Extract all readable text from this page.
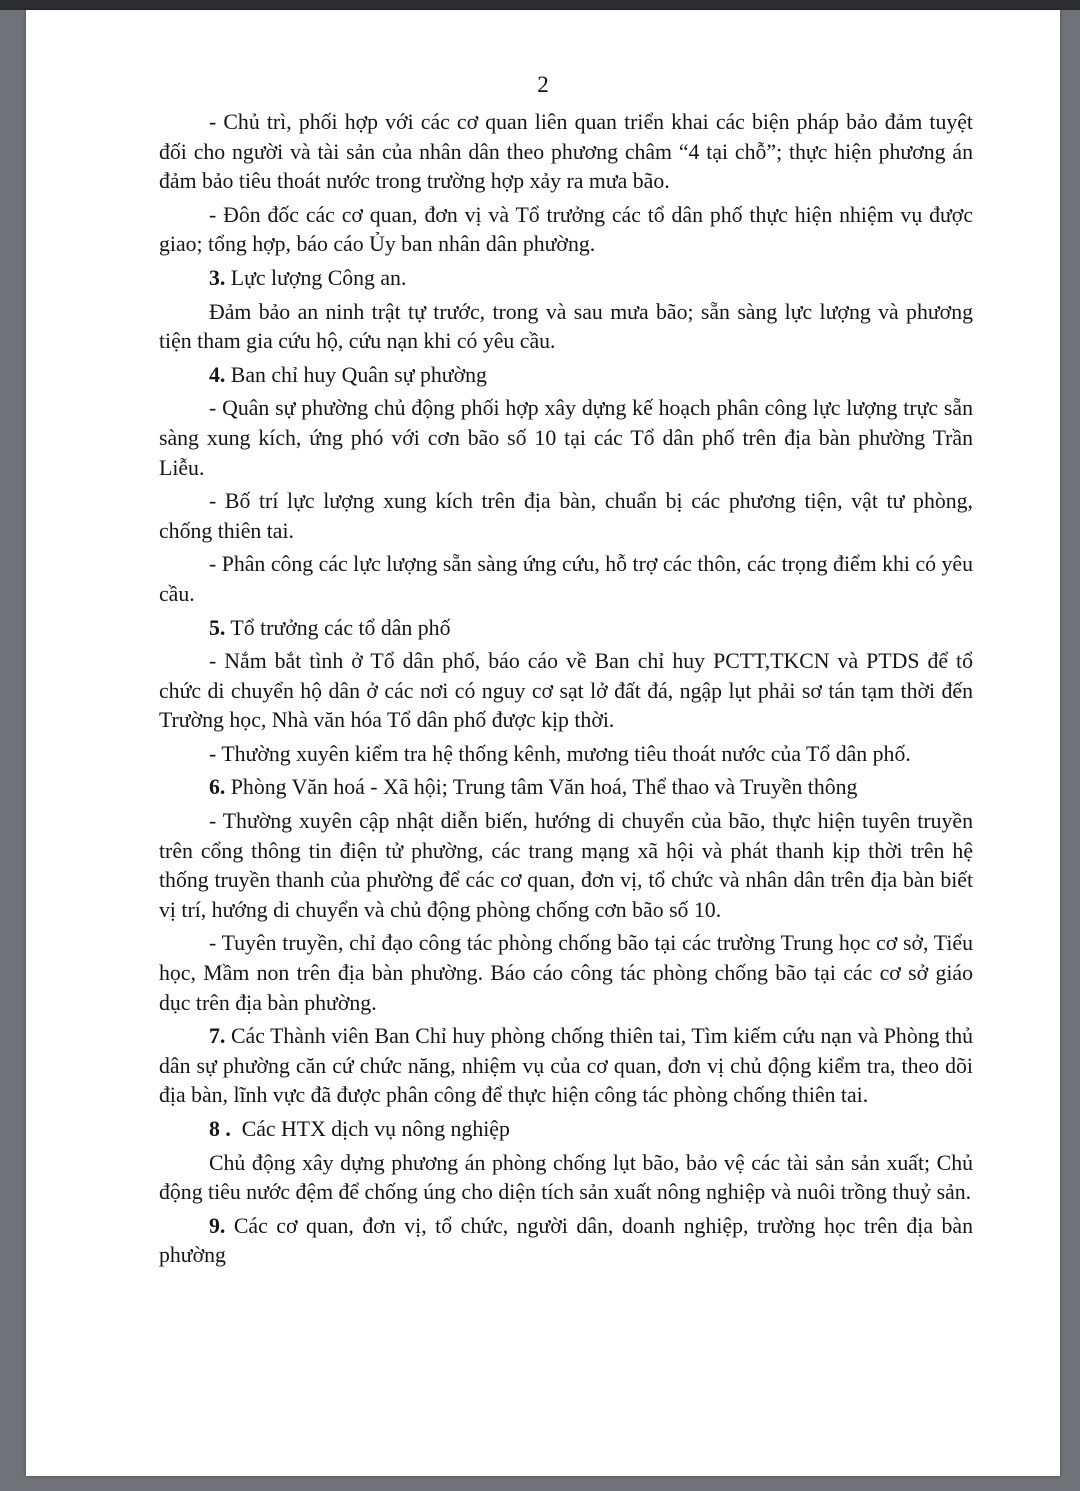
2
- Chủ trì, phối hợp với các cơ quan liên quan triển khai các biện pháp bảo đảm tuyệt đối cho người và tài sản của nhân dân theo phương châm “4 tại chỗ”; thực hiện phương án đảm bảo tiêu thoát nước trong trường hợp xảy ra mưa bão.
- Đôn đốc các cơ quan, đơn vị và Tổ trưởng các tổ dân phố thực hiện nhiệm vụ được giao; tổng hợp, báo cáo Ủy ban nhân dân phường.
3. Lực lượng Công an.
Đảm bảo an ninh trật tự trước, trong và sau mưa bão; sẵn sàng lực lượng và phương tiện tham gia cứu hộ, cứu nạn khi có yêu cầu.
4. Ban chỉ huy Quân sự phường
- Quân sự phường chủ động phối hợp xây dựng kế hoạch phân công lực lượng trực sẵn sàng xung kích, ứng phó với cơn bão số 10 tại các Tổ dân phố trên địa bàn phường Trần Liễu.
- Bố trí lực lượng xung kích trên địa bàn, chuẩn bị các phương tiện, vật tư phòng, chống thiên tai.
- Phân công các lực lượng sẵn sàng ứng cứu, hỗ trợ các thôn, các trọng điểm khi có yêu cầu.
5. Tổ trưởng các tổ dân phố
- Nắm bắt tình ở Tổ dân phố, báo cáo về Ban chỉ huy PCTT,TKCN và PTDS để tổ chức di chuyển hộ dân ở các nơi có nguy cơ sạt lở đất đá, ngập lụt phải sơ tán tạm thời đến Trường học, Nhà văn hóa Tổ dân phố được kịp thời.
- Thường xuyên kiểm tra hệ thống kênh, mương tiêu thoát nước của Tổ dân phố.
6. Phòng Văn hoá - Xã hội; Trung tâm Văn hoá, Thể thao và Truyền thông
- Thường xuyên cập nhật diễn biến, hướng di chuyển của bão, thực hiện tuyên truyền trên cổng thông tin điện tử phường, các trang mạng xã hội và phát thanh kịp thời trên hệ thống truyền thanh của phường để các cơ quan, đơn vị, tổ chức và nhân dân trên địa bàn biết vị trí, hướng di chuyển và chủ động phòng chống cơn bão số 10.
- Tuyên truyền, chỉ đạo công tác phòng chống bão tại các trường Trung học cơ sở, Tiểu học, Mầm non trên địa bàn phường. Báo cáo công tác phòng chống bão tại các cơ sở giáo dục trên địa bàn phường.
7. Các Thành viên Ban Chỉ huy phòng chống thiên tai, Tìm kiếm cứu nạn và Phòng thủ dân sự phường căn cứ chức năng, nhiệm vụ của cơ quan, đơn vị chủ động kiểm tra, theo dõi địa bàn, lĩnh vực đã được phân công để thực hiện công tác phòng chống thiên tai.
8 .  Các HTX dịch vụ nông nghiệp
Chủ động xây dựng phương án phòng chống lụt bão, bảo vệ các tài sản sản xuất; Chủ động tiêu nước đệm để chống úng cho diện tích sản xuất nông nghiệp và nuôi trồng thuỷ sản.
9. Các cơ quan, đơn vị, tổ chức, người dân, doanh nghiệp, trường học trên địa bàn phường
